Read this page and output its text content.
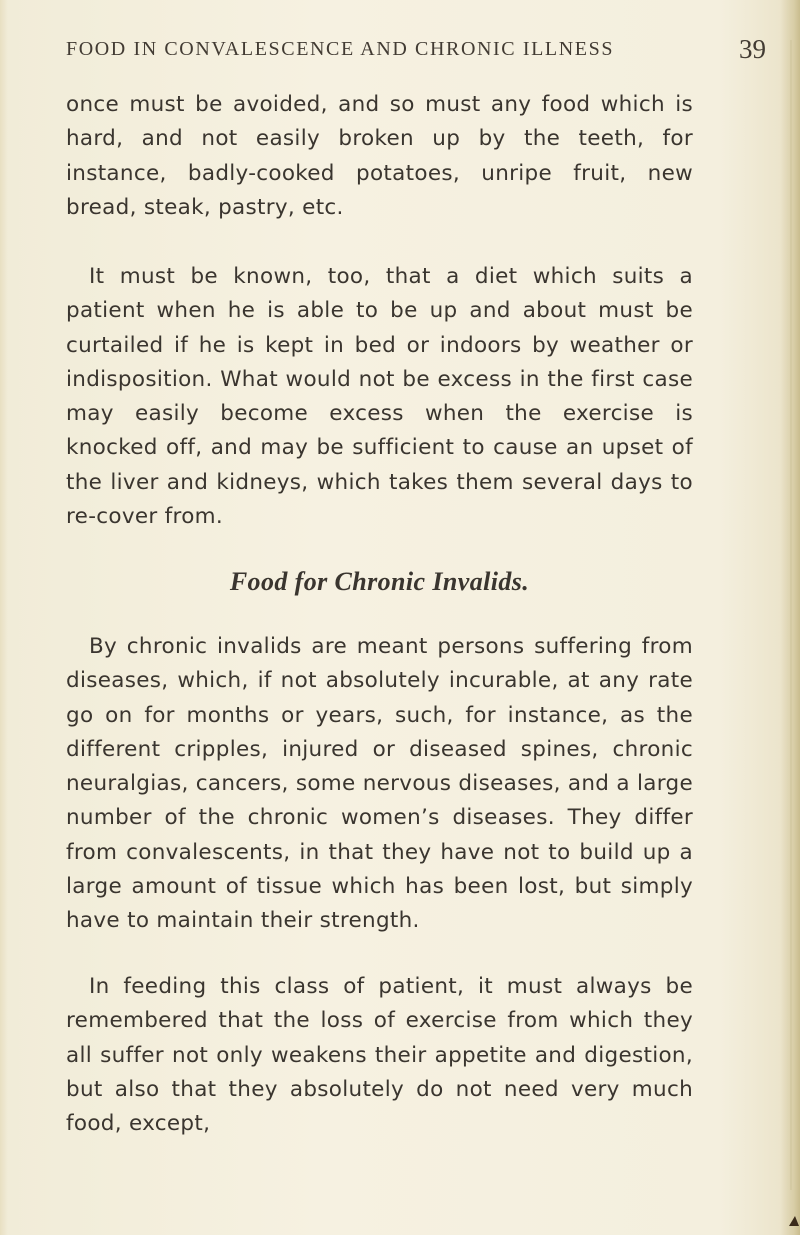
FOOD IN CONVALESCENCE AND CHRONIC ILLNESS	39

once must be avoided, and so must any food which is hard, and not easily broken up by the teeth, for instance, badly-cooked potatoes, unripe fruit, new bread, steak, pastry, etc.

It must be known, too, that a diet which suits a patient when he is able to be up and about must be curtailed if he is kept in bed or indoors by weather or indisposition. What would not be excess in the first case may easily become excess when the exercise is knocked off, and may be sufficient to cause an upset of the liver and kidneys, which takes them several days to re-cover from.

Food for Chronic Invalids.

By chronic invalids are meant persons suffering from diseases, which, if not absolutely incurable, at any rate go on for months or years, such, for instance, as the different cripples, injured or diseased spines, chronic neuralgias, cancers, some nervous diseases, and a large number of the chronic women’s diseases. They differ from convalescents, in that they have not to build up a large amount of tissue which has been lost, but simply have to maintain their strength.

In feeding this class of patient, it must always be remembered that the loss of exercise from which they all suffer not only weakens their appetite and digestion, but also that they absolutely do not need very much food, except,
